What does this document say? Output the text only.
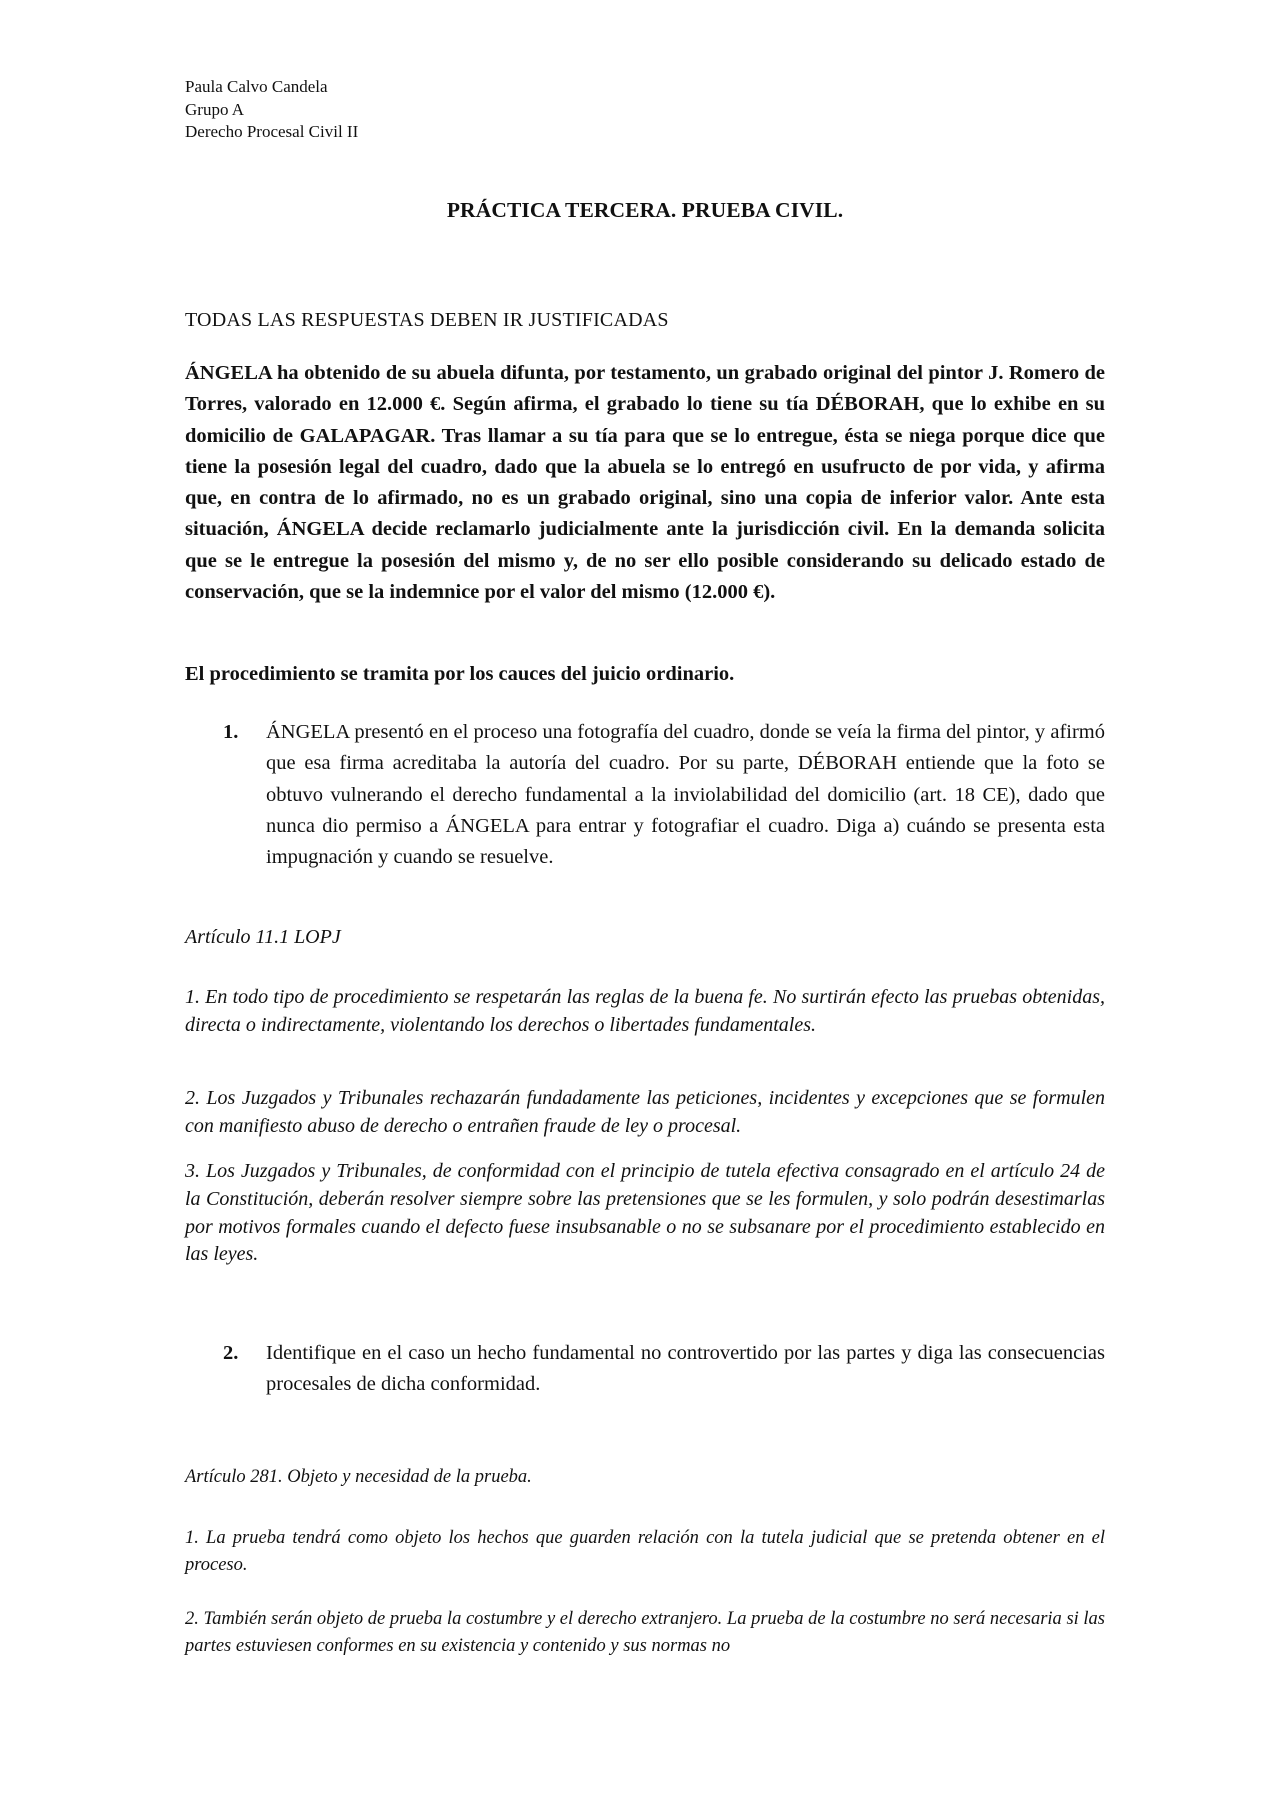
Paula Calvo Candela
Grupo A
Derecho Procesal Civil II
PRÁCTICA TERCERA. PRUEBA CIVIL.
TODAS LAS RESPUESTAS DEBEN IR JUSTIFICADAS
ÁNGELA ha obtenido de su abuela difunta, por testamento, un grabado original del pintor J. Romero de Torres, valorado en 12.000 €. Según afirma, el grabado lo tiene su tía DÉBORAH, que lo exhibe en su domicilio de GALAPAGAR. Tras llamar a su tía para que se lo entregue, ésta se niega porque dice que tiene la posesión legal del cuadro, dado que la abuela se lo entregó en usufructo de por vida, y afirma que, en contra de lo afirmado, no es un grabado original, sino una copia de inferior valor. Ante esta situación, ÁNGELA decide reclamarlo judicialmente ante la jurisdicción civil. En la demanda solicita que se le entregue la posesión del mismo y, de no ser ello posible considerando su delicado estado de conservación, que se la indemnice por el valor del mismo (12.000 €).
El procedimiento se tramita por los cauces del juicio ordinario.
1. ÁNGELA presentó en el proceso una fotografía del cuadro, donde se veía la firma del pintor, y afirmó que esa firma acreditaba la autoría del cuadro. Por su parte, DÉBORAH entiende que la foto se obtuvo vulnerando el derecho fundamental a la inviolabilidad del domicilio (art. 18 CE), dado que nunca dio permiso a ÁNGELA para entrar y fotografiar el cuadro. Diga a) cuándo se presenta esta impugnación y cuando se resuelve.
Artículo 11.1 LOPJ
1. En todo tipo de procedimiento se respetarán las reglas de la buena fe. No surtirán efecto las pruebas obtenidas, directa o indirectamente, violentando los derechos o libertades fundamentales.
2. Los Juzgados y Tribunales rechazarán fundadamente las peticiones, incidentes y excepciones que se formulen con manifiesto abuso de derecho o entrañen fraude de ley o procesal.
3. Los Juzgados y Tribunales, de conformidad con el principio de tutela efectiva consagrado en el artículo 24 de la Constitución, deberán resolver siempre sobre las pretensiones que se les formulen, y solo podrán desestimarlas por motivos formales cuando el defecto fuese insubsanable o no se subsanare por el procedimiento establecido en las leyes.
2. Identifique en el caso un hecho fundamental no controvertido por las partes y diga las consecuencias procesales de dicha conformidad.
Artículo 281. Objeto y necesidad de la prueba.
1. La prueba tendrá como objeto los hechos que guarden relación con la tutela judicial que se pretenda obtener en el proceso.
2. También serán objeto de prueba la costumbre y el derecho extranjero. La prueba de la costumbre no será necesaria si las partes estuviesen conformes en su existencia y contenido y sus normas no
